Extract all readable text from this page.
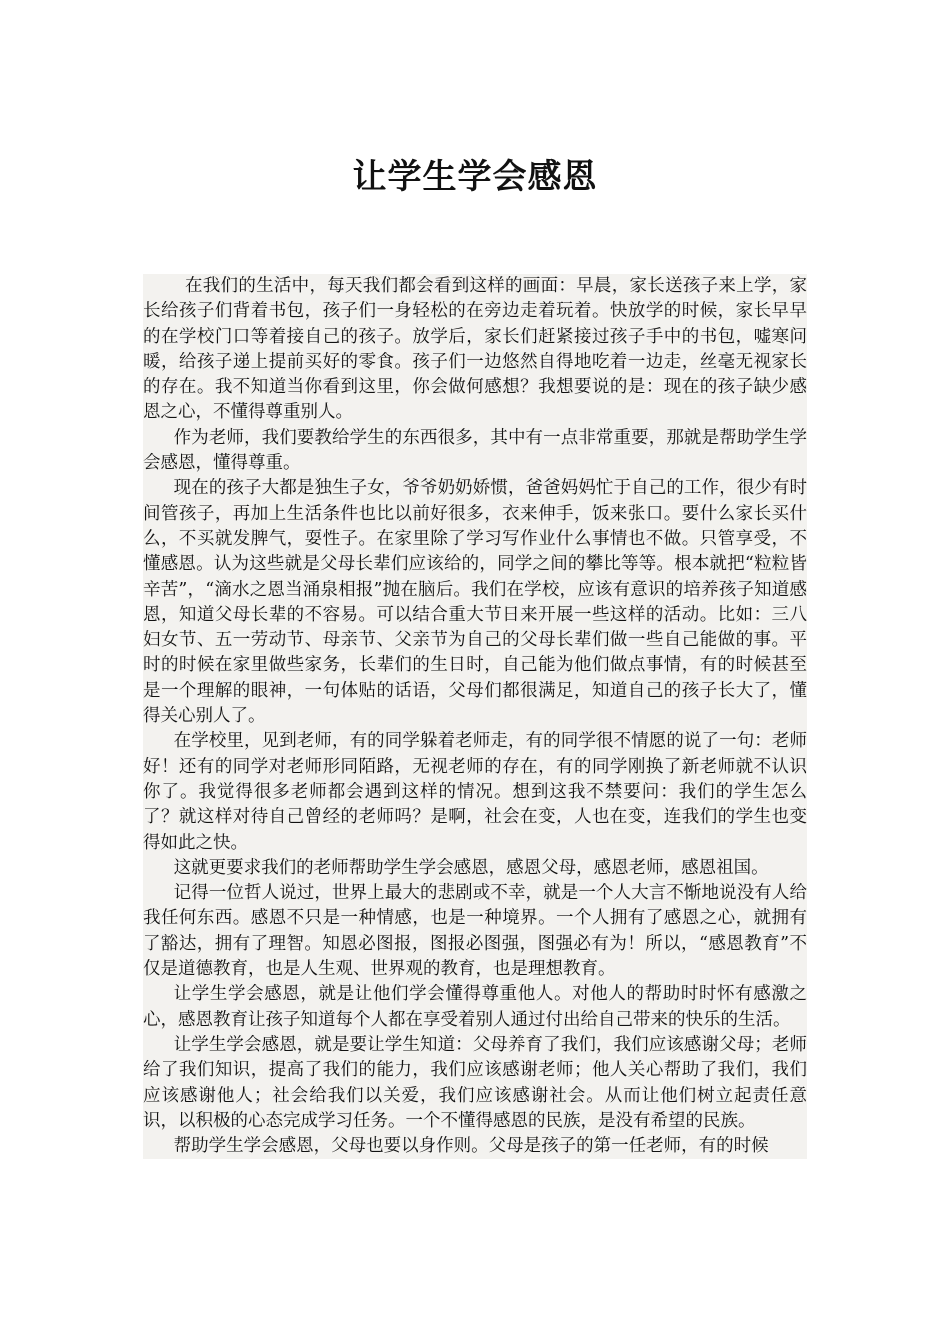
让学生学会感恩

在我们的生活中，每天我们都会看到这样的画面：早晨，家长送孩子来上学，家长给孩子们背着书包，孩子们一身轻松的在旁边走着玩着。快放学的时候，家长早早的在学校门口等着接自己的孩子。放学后，家长们赶紧接过孩子手中的书包，嘘寒问暖，给孩子递上提前买好的零食。孩子们一边悠然自得地吃着一边走，丝毫无视家长的存在。我不知道当你看到这里，你会做何感想？我想要说的是：现在的孩子缺少感恩之心，不懂得尊重别人。

作为老师，我们要教给学生的东西很多，其中有一点非常重要，那就是帮助学生学会感恩，懂得尊重。

现在的孩子大都是独生子女，爷爷奶奶娇惯，爸爸妈妈忙于自己的工作，很少有时间管孩子，再加上生活条件也比以前好很多，衣来伸手，饭来张口。要什么家长买什么，不买就发脾气，耍性子。在家里除了学习写作业什么事情也不做。只管享受，不懂感恩。认为这些就是父母长辈们应该给的，同学之间的攀比等等。根本就把“粒粒皆辛苦”，“滴水之恩当涌泉相报”抛在脑后。我们在学校，应该有意识的培养孩子知道感恩，知道父母长辈的不容易。可以结合重大节日来开展一些这样的活动。比如：三八妇女节、五一劳动节、母亲节、父亲节为自己的父母长辈们做一些自己能做的事。平时的时候在家里做些家务，长辈们的生日时，自己能为他们做点事情，有的时候甚至是一个理解的眼神，一句体贴的话语，父母们都很满足，知道自己的孩子长大了，懂得关心别人了。

在学校里，见到老师，有的同学躲着老师走，有的同学很不情愿的说了一句：老师好！还有的同学对老师形同陌路，无视老师的存在，有的同学刚换了新老师就不认识你了。我觉得很多老师都会遇到这样的情况。想到这我不禁要问：我们的学生怎么了？就这样对待自己曾经的老师吗？是啊，社会在变，人也在变，连我们的学生也变得如此之快。

这就更要求我们的老师帮助学生学会感恩，感恩父母，感恩老师，感恩祖国。

记得一位哲人说过，世界上最大的悲剧或不幸，就是一个人大言不惭地说没有人给我任何东西。感恩不只是一种情感，也是一种境界。一个人拥有了感恩之心，就拥有了豁达，拥有了理智。知恩必图报，图报必图强，图强必有为！所以，“感恩教育”不仅是道德教育，也是人生观、世界观的教育，也是理想教育。

让学生学会感恩，就是让他们学会懂得尊重他人。对他人的帮助时时怀有感激之心，感恩教育让孩子知道每个人都在享受着别人通过付出给自己带来的快乐的生活。

让学生学会感恩，就是要让学生知道：父母养育了我们，我们应该感谢父母；老师给了我们知识，提高了我们的能力，我们应该感谢老师；他人关心帮助了我们，我们应该感谢他人；社会给我们以关爱，我们应该感谢社会。从而让他们树立起责任意识，以积极的心态完成学习任务。一个不懂得感恩的民族，是没有希望的民族。

帮助学生学会感恩，父母也要以身作则。父母是孩子的第一任老师，有的时候
